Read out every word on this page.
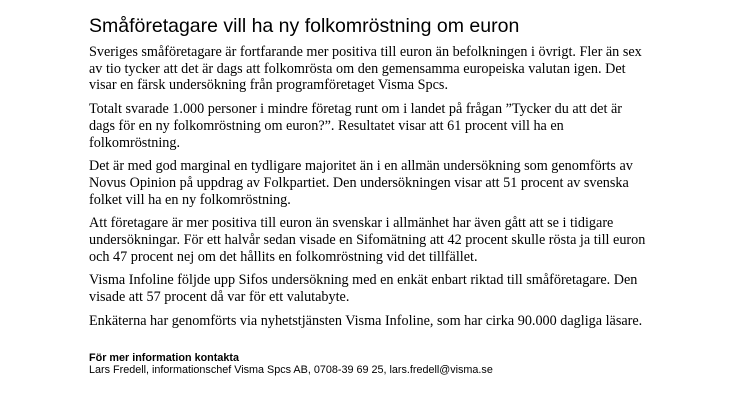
Småföretagare vill ha ny folkomröstning om euron

Sveriges småföretagare är fortfarande mer positiva till euron än befolkningen i övrigt. Fler än sex av tio tycker att det är dags att folkomrösta om den gemensamma europeiska valutan igen. Det visar en färsk undersökning från programföretaget Visma Spcs.

Totalt svarade 1.000 personer i mindre företag runt om i landet på frågan ”Tycker du att det är dags för en ny folkomröstning om euron?”. Resultatet visar att 61 procent vill ha en folkomröstning.

Det är med god marginal en tydligare majoritet än i en allmän undersökning som genomförts av Novus Opinion på uppdrag av Folkpartiet. Den undersökningen visar att 51 procent av svenska folket vill ha en ny folkomröstning.

Att företagare är mer positiva till euron än svenskar i allmänhet har även gått att se i tidigare undersökningar. För ett halvår sedan visade en Sifomätning att 42 procent skulle rösta ja till euron och 47 procent nej om det hållits en folkomröstning vid det tillfället.

Visma Infoline följde upp Sifos undersökning med en enkät enbart riktad till småföretagare. Den visade att 57 procent då var för ett valutabyte.

Enkäterna har genomförts via nyhetstjänsten Visma Infoline, som har cirka 90.000 dagliga läsare.

För mer information kontakta

Lars Fredell, informationschef Visma Spcs AB, 0708-39 69 25, lars.fredell@visma.se
